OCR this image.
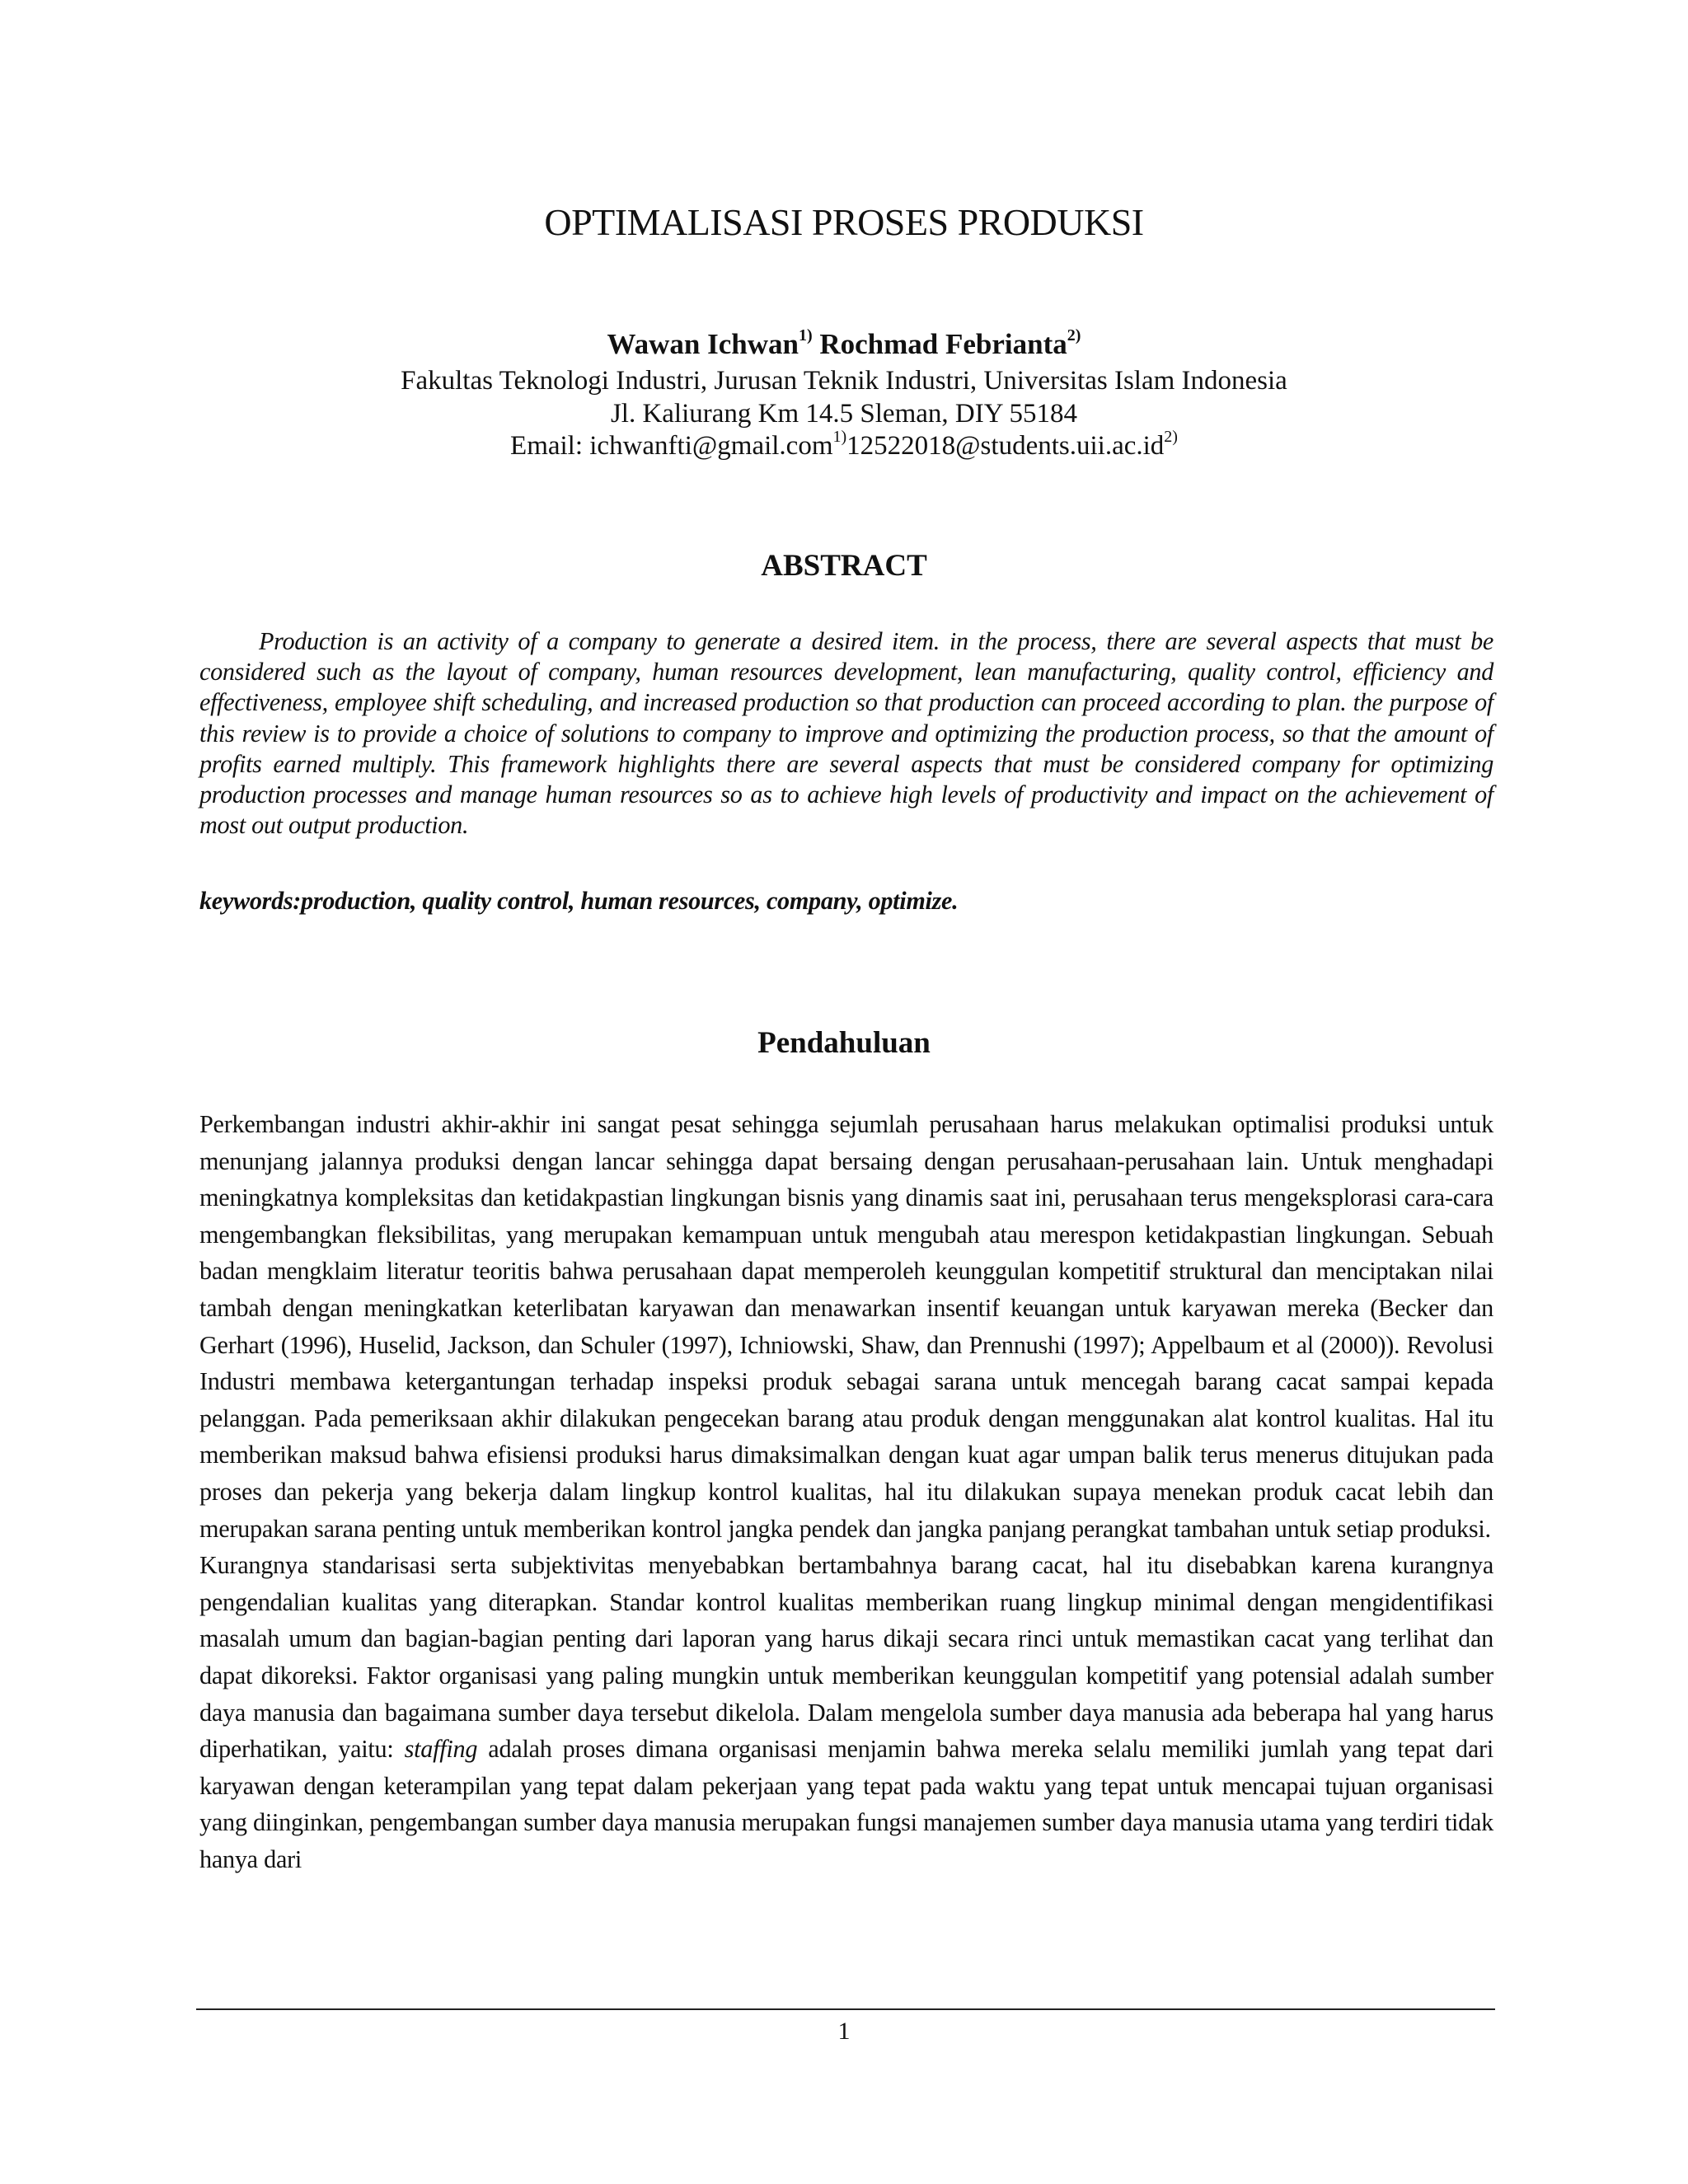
OPTIMALISASI PROSES PRODUKSI
Wawan Ichwan$^{1)}$ Rochmad Febrianta$^{2)}$
Fakultas Teknologi Industri, Jurusan Teknik Industri, Universitas Islam Indonesia
Jl. Kaliurang Km 14.5 Sleman, DIY 55184
Email: ichwanfti@gmail.com$^{1)}$12522018@students.uii.ac.id$^{2)}$
ABSTRACT
Production is an activity of a company to generate a desired item. in the process, there are several aspects that must be considered such as the layout of company, human resources development, lean manufacturing, quality control, efficiency and effectiveness, employee shift scheduling, and increased production so that production can proceed according to plan. the purpose of this review is to provide a choice of solutions to company to improve and optimizing the production process, so that the amount of profits earned multiply. This framework highlights there are several aspects that must be considered company for optimizing production processes and manage human resources so as to achieve high levels of productivity and impact on the achievement of most out output production.
keywords:production, quality control, human resources, company, optimize.
Pendahuluan

Perkembangan industri akhir-akhir ini sangat pesat sehingga sejumlah perusahaan harus melakukan optimalisi produksi untuk menunjang jalannya produksi dengan lancar sehingga dapat bersaing dengan perusahaan-perusahaan lain. Untuk menghadapi meningkatnya kompleksitas dan ketidakpastian lingkungan bisnis yang dinamis saat ini, perusahaan terus mengeksplorasi cara-cara mengembangkan fleksibilitas, yang merupakan kemampuan untuk mengubah atau merespon ketidakpastian lingkungan. Sebuah badan mengklaim literatur teoritis bahwa perusahaan dapat memperoleh keunggulan kompetitif struktural dan menciptakan nilai tambah dengan meningkatkan keterlibatan karyawan dan menawarkan insentif keuangan untuk karyawan mereka (Becker dan Gerhart (1996), Huselid, Jackson, dan Schuler (1997), Ichniowski, Shaw, dan Prennushi (1997); Appelbaum et al (2000)). Revolusi Industri membawa ketergantungan terhadap inspeksi produk sebagai sarana untuk mencegah barang cacat sampai kepada pelanggan. Pada pemeriksaan akhir dilakukan pengecekan barang atau produk dengan menggunakan alat kontrol kualitas. Hal itu memberikan maksud bahwa efisiensi produksi harus dimaksimalkan dengan kuat agar umpan balik terus menerus ditujukan pada proses dan pekerja yang bekerja dalam lingkup kontrol kualitas, hal itu dilakukan supaya menekan produk cacat lebih dan merupakan sarana penting untuk memberikan kontrol jangka pendek dan jangka panjang perangkat tambahan untuk setiap produksi.

Kurangnya standarisasi serta subjektivitas menyebabkan bertambahnya barang cacat, hal itu disebabkan karena kurangnya pengendalian kualitas yang diterapkan. Standar kontrol kualitas memberikan ruang lingkup minimal dengan mengidentifikasi masalah umum dan bagian-bagian penting dari laporan yang harus dikaji secara rinci untuk memastikan cacat yang terlihat dan dapat dikoreksi. Faktor organisasi yang paling mungkin untuk memberikan keunggulan kompetitif yang potensial adalah sumber daya manusia dan bagaimana sumber daya tersebut dikelola. Dalam mengelola sumber daya manusia ada beberapa hal yang harus diperhatikan, yaitu: staffing adalah proses dimana organisasi menjamin bahwa mereka selalu memiliki jumlah yang tepat dari karyawan dengan keterampilan yang tepat dalam pekerjaan yang tepat pada waktu yang tepat untuk mencapai tujuan organisasi yang diinginkan, pengembangan sumber daya manusia merupakan fungsi manajemen sumber daya manusia utama yang terdiri tidak hanya dari

1
